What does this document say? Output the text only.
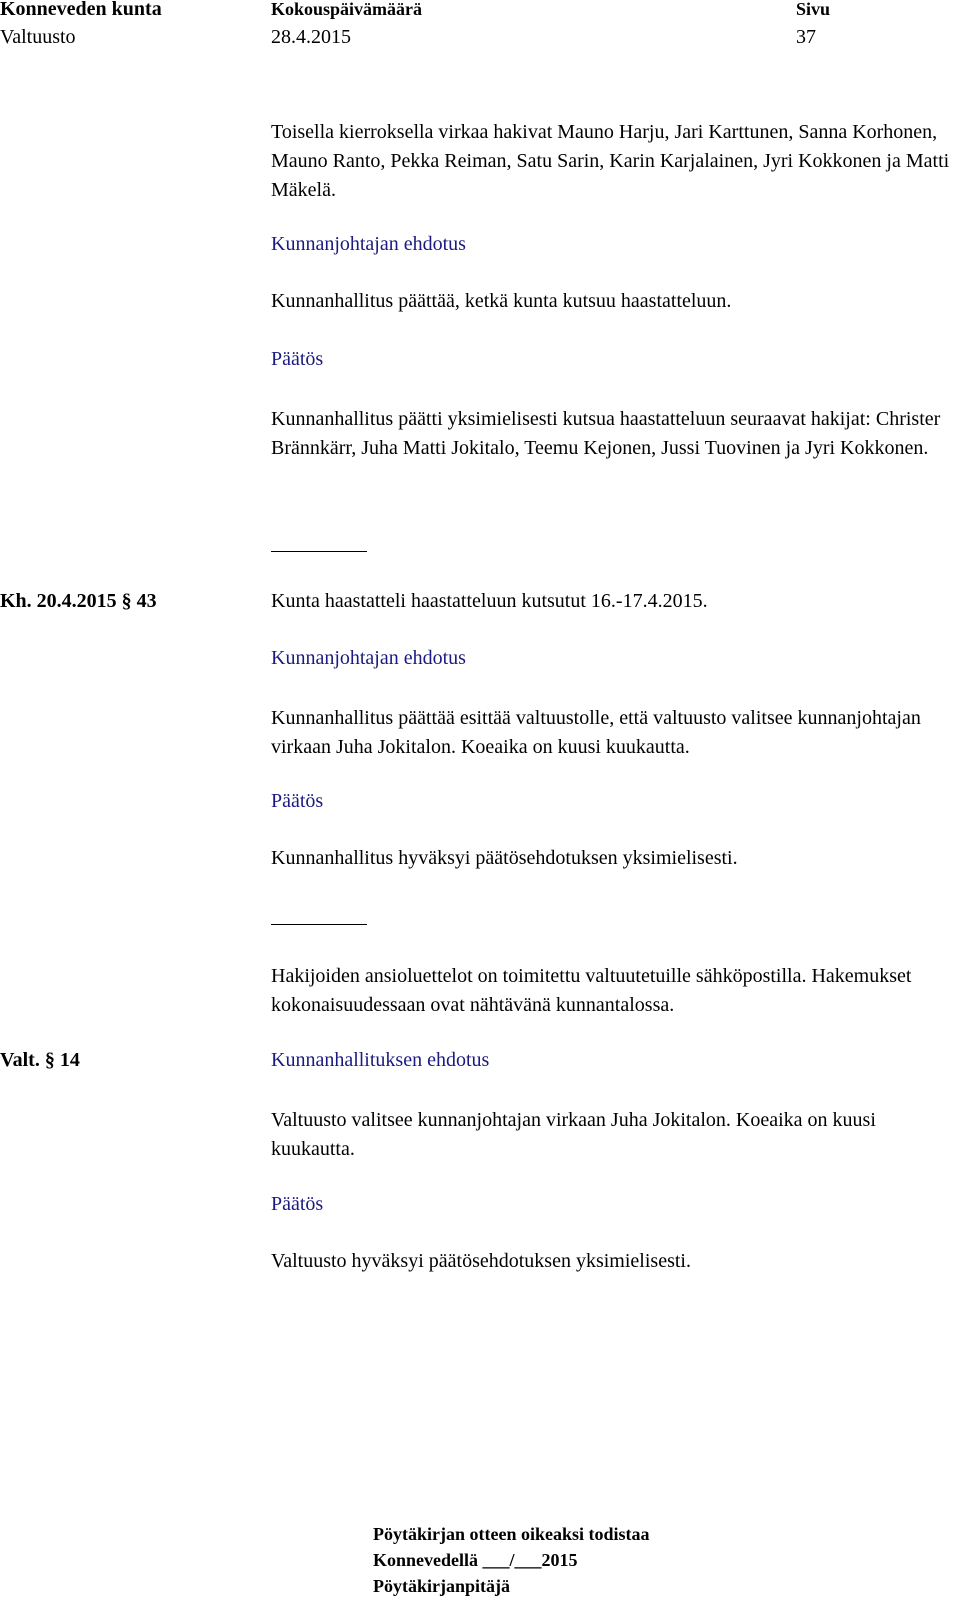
Konneveden kunta	Kokouspäivämäärä	Sivu
Valtuusto	28.4.2015	37
Toisella kierroksella virkaa hakivat Mauno Harju, Jari Karttunen, Sanna Korhonen, Mauno Ranto, Pekka Reiman, Satu Sarin, Karin Karjalainen, Jyri Kokkonen ja Matti Mäkelä.
Kunnanjohtajan ehdotus
Kunnanhallitus päättää, ketkä kunta kutsuu haastatteluun.
Päätös
Kunnanhallitus päätti yksimielisesti kutsua haastatteluun seuraavat hakijat: Christer Brännkärr, Juha Matti Jokitalo, Teemu Kejonen, Jussi Tuovinen ja Jyri Kokkonen.
Kh. 20.4.2015 § 43	Kunta haastatteli haastatteluun kutsutut 16.-17.4.2015.
Kunnanjohtajan ehdotus
Kunnanhallitus päättää esittää valtuustolle, että valtuusto valitsee kunnanjohtajan virkaan Juha Jokitalon. Koeaika on kuusi kuukautta.
Päätös
Kunnanhallitus hyväksyi päätösehdotuksen yksimielisesti.
Hakijoiden ansioluettelot on toimitettu valtuutetuille sähköpostilla. Hakemukset kokonaisuudessaan ovat nähtävänä kunnantalossa.
Valt. § 14	Kunnanhallituksen ehdotus
Valtuusto valitsee kunnanjohtajan virkaan Juha Jokitalon. Koeaika on kuusi kuukautta.
Päätös
Valtuusto hyväksyi päätösehdotuksen yksimielisesti.
Pöytäkirjan otteen oikeaksi todistaa
Konnevedellä ___/___2015
Pöytäkirjanpitäjä
